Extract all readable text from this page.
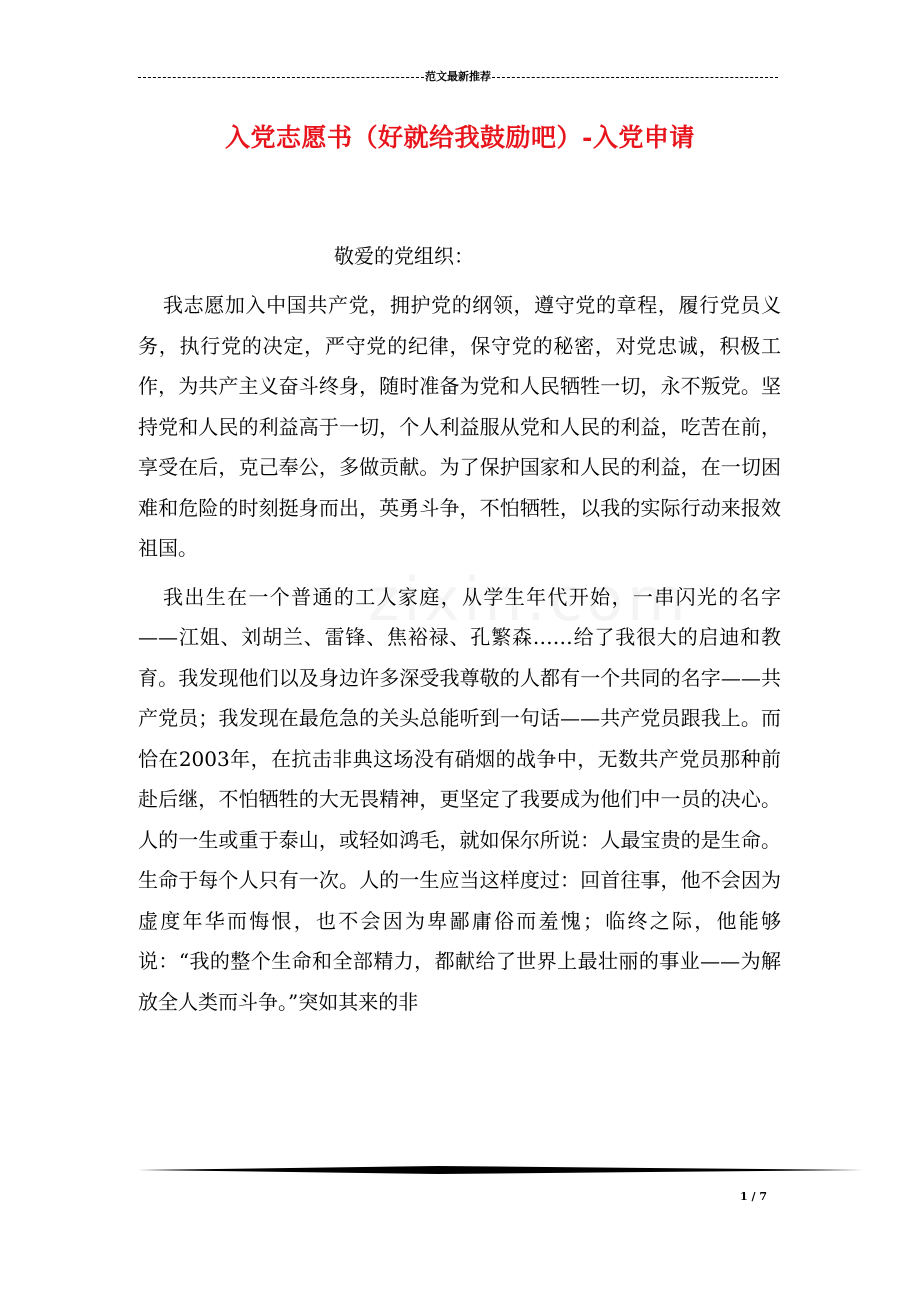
范文最新推荐
入党志愿书（好就给我鼓励吧）-入党申请
敬爱的党组织：

我志愿加入中国共产党，拥护党的纲领，遵守党的章程，履行党员义务，执行党的决定，严守党的纪律，保守党的秘密，对党忠诚，积极工作，为共产主义奋斗终身，随时准备为党和人民牺牲一切，永不叛党。坚持党和人民的利益高于一切，个人利益服从党和人民的利益，吃苦在前，享受在后，克己奉公，多做贡献。为了保护国家和人民的利益，在一切困难和危险的时刻挺身而出，英勇斗争，不怕牺牲，以我的实际行动来报效祖国。

我出生在一个普通的工人家庭，从学生年代开始，一串闪光的名字——江姐、刘胡兰、雷锋、焦裕禄、孔繁森……给了我很大的启迪和教育。我发现他们以及身边许多深受我尊敬的人都有一个共同的名字——共产党员；我发现在最危急的关头总能听到一句话——共产党员跟我上。而恰在2003年，在抗击非典这场没有硝烟的战争中，无数共产党员那种前赴后继，不怕牺牲的大无畏精神，更坚定了我要成为他们中一员的决心。人的一生或重于泰山，或轻如鸿毛，就如保尔所说：人最宝贵的是生命。生命于每个人只有一次。人的一生应当这样度过：回首往事，他不会因为虚度年华而悔恨，也不会因为卑鄙庸俗而羞愧；临终之际，他能够说：“我的整个生命和全部精力，都献给了世界上最壮丽的事业——为解放全人类而斗争。”突如其来的非

1 / 7
